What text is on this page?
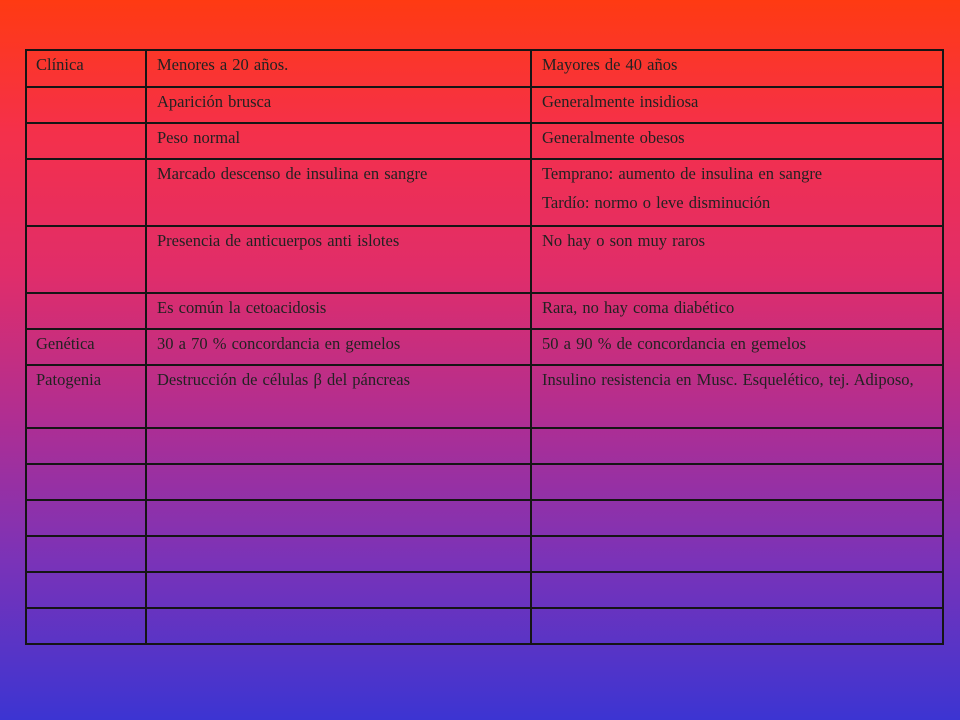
Clínica	Menores a 20 años.	Mayores de 40 años
	Aparición brusca	Generalmente insidiosa
	Peso normal	Generalmente obesos
	Marcado descenso de insulina en sangre	Temprano: aumento de insulina en sangre
Tardío: normo o leve disminución

	Presencia de anticuerpos anti islotes	No hay o son muy raros
	Es común la cetoacidosis	Rara, no hay coma diabético
Genética	30 a 70 % concordancia en gemelos	50 a 90 % de concordancia en gemelos
Patogenia	Destrucción de células β del páncreas	Insulino resistencia en Musc. Esquelético, tej. Adiposo,
